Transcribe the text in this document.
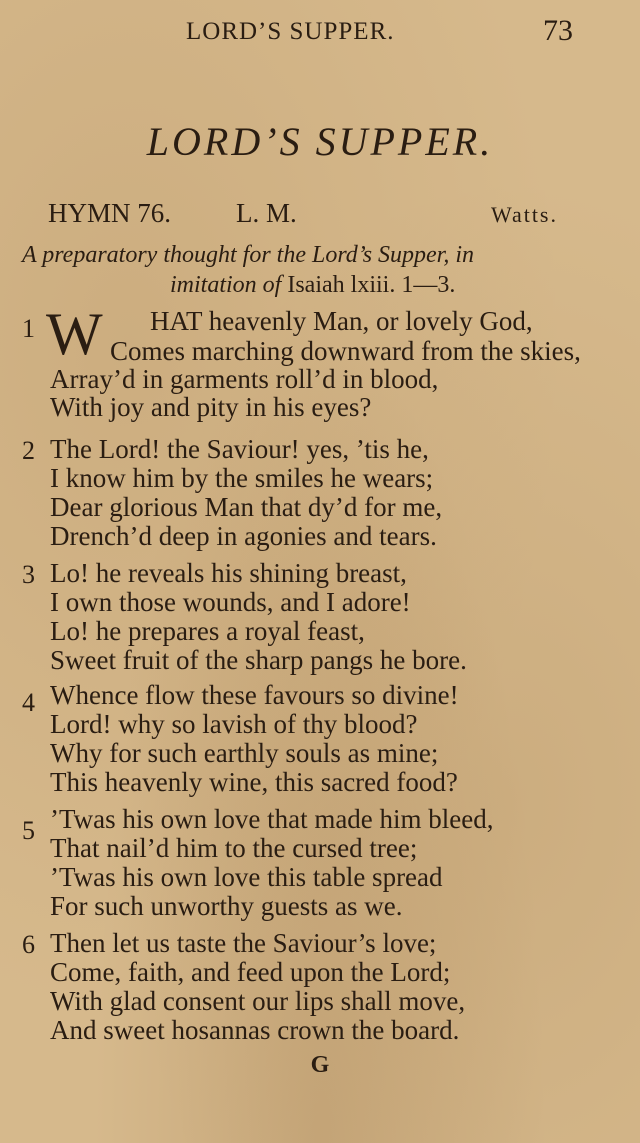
LORD’S SUPPER.	73
LORD’S SUPPER.
HYMN 76. L. M.	Watts.
A preparatory thought for the Lord’s Supper, in
imitation of Isaiah lxiii. 1—3.
1 W HAT heavenly Man, or lovely God,
Comes marching downward from the skies,
Array’d in garments roll’d in blood,
With joy and pity in his eyes?
2 The Lord! the Saviour! yes, ’tis he,
I know him by the smiles he wears;
Dear glorious Man that dy’d for me,
Drench’d deep in agonies and tears.
3 Lo! he reveals his shining breast,
I own those wounds, and I adore!
Lo! he prepares a royal feast,
Sweet fruit of the sharp pangs he bore.
4 Whence flow these favours so divine!
Lord! why so lavish of thy blood?
Why for such earthly souls as mine;
This heavenly wine, this sacred food?
5 ’Twas his own love that made him bleed,
That nail’d him to the cursed tree;
’Twas his own love this table spread
For such unworthy guests as we.
6 Then let us taste the Saviour’s love;
Come, faith, and feed upon the Lord;
With glad consent our lips shall move,
And sweet hosannas crown the board.
G
